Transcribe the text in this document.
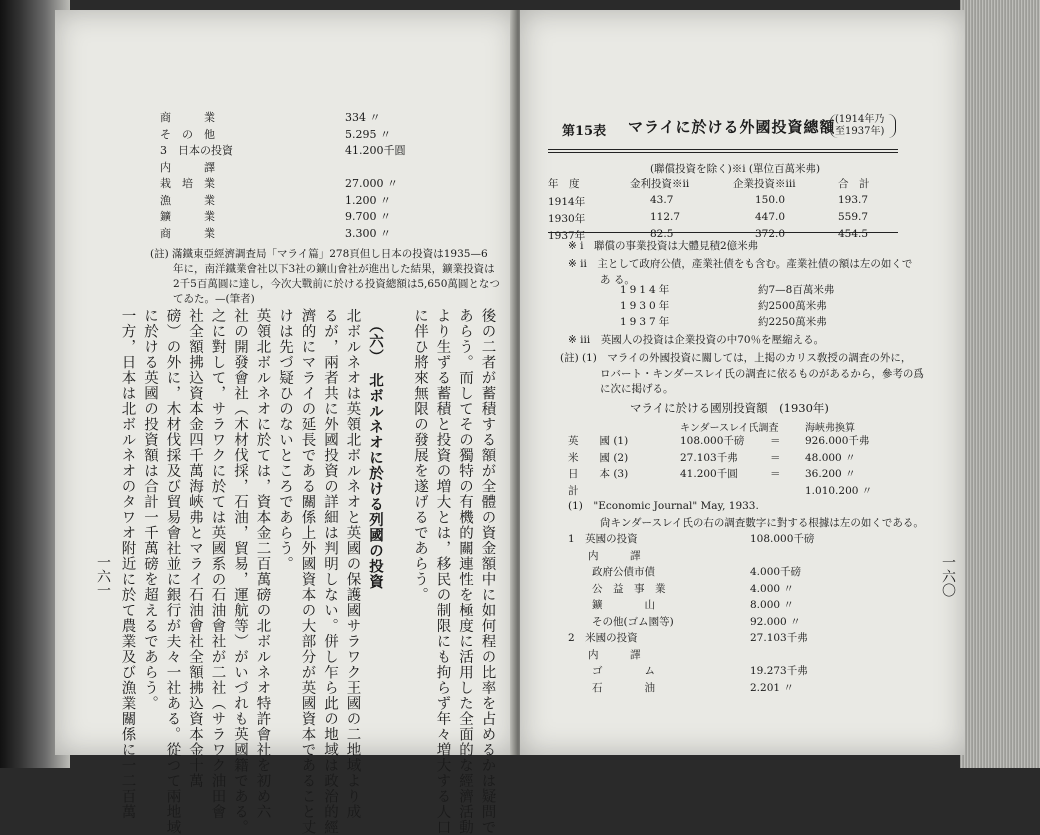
商　　　業	334 〃
そ　の　他	5.295 〃
3　日本の投資	41.200千圓
内　　　譯
栽　培　業	27.000 〃
漁　　　業	1.200 〃
鑛　　　業	9.700 〃
商　　　業	3.300 〃
(註) 滿鐵東亞經濟調査局「マライ篇」278頁但し日本の投資は1935—6
年に，南洋鐵業會社以下3社の鑛山會社が進出した結果，鑛業投資は
2千5百萬圓に達し，今次大戰前に於ける投資總額は5,650萬圓となつ
てゐた。—(筆者)
後の二者が蓄積する額が全體の資金額中に如何程の比率を占めるかは疑問で
あらう。而してその獨特の有機的關連性を極度に活用した全面的な經濟活動
より生ずる蓄積と投資の増大とは，移民の制限にも拘らず年々増大する人口
に伴ひ將來無限の發展を遂げるであらう。
（六）　北ボルネオに於ける列國の投資
北ボルネオは英領北ボルネオと英國の保護國サラワク王國の二地域より成
るが，兩者共に外國投資の詳細は判明しない。併し乍ら此の地域は政治的經
濟的にマライの延長である關係上外國資本の大部分が英國資本であること丈
けは先づ疑ひのないところであらう。
英領北ボルネオに於ては，資本金二百萬磅の北ボルネオ特許會社を初め六
社の開發會社（木材伐採，石油，貿易，運航等）がいづれも英國籍である。
之に對して，サラワクに於ては英國系の石油會社が二社（サラワク油田會
社全額拂込資本金四千萬海峽弗とマライ石油會社全額拂込資本金十萬
磅）の外に，木材伐採及び貿易會社並に銀行が夫々一社ある。從つて兩地域
に於ける英國の投資額は合計一千萬磅を超えるであらう。
一方，日本は北ボルネオのタワオ附近に於て農業及び漁業關係に一二百萬
一六一
第15表 マライに於ける外國投資總額 (1914年乃至1937年)
(聯償投資を除く)※ⅰ (單位百萬米弗)
年　度	金利投資※ⅱ	企業投資※ⅲ	合　計
1914年	43.7	150.0	193.7
1930年	112.7	447.0	559.7
1937年	82.5	372.0	454.5
※ ⅰ　聯償の事業投資は大體見積2億米弗
※ ⅱ　主として政府公債，產業社債をも含む。產業社債の額は左の如くで
あ る。
1914年	約7—8百萬米弗
1930年	約2500萬米弗
1937年	約2250萬米弗
※ ⅲ　英國人の投資は企業投資の中70％を壓縮える。
(註) (1)　マライの外國投資に關しては，上掲のカリス敎授の調査の外に，
ロバート・キンダースレイ氏の調査に依るものがあるから，參考の爲
に次に掲げる。
マライに於ける國別投資額　(1930年)
キンダースレイ氏調査	海峽弗換算
英　　國 (1)	108.000千磅 ＝ 926.000千弗
米　　國 (2)	27.103千弗	＝ 48.000 〃
日　　本 (3)	41.200千圓	＝ 36.200 〃
計	1.010.200 〃
(1)　"Economic Journal" May, 1933.
尙キンダースレイ氏の右の調査數字に對する根據は左の如くである。
1　英國の投資	108.000千磅
内　　　譯
政府公債市債	4.000千磅
公　益　事　業	4.000 〃
鑛　　　　山	8.000 〃
その他(ゴム園等)	92.000 〃
2　米國の投資	27.103千弗
内　　　譯
ゴ　　　　ム	19.273千弗
石　　　　油	2.201 〃
一六〇
